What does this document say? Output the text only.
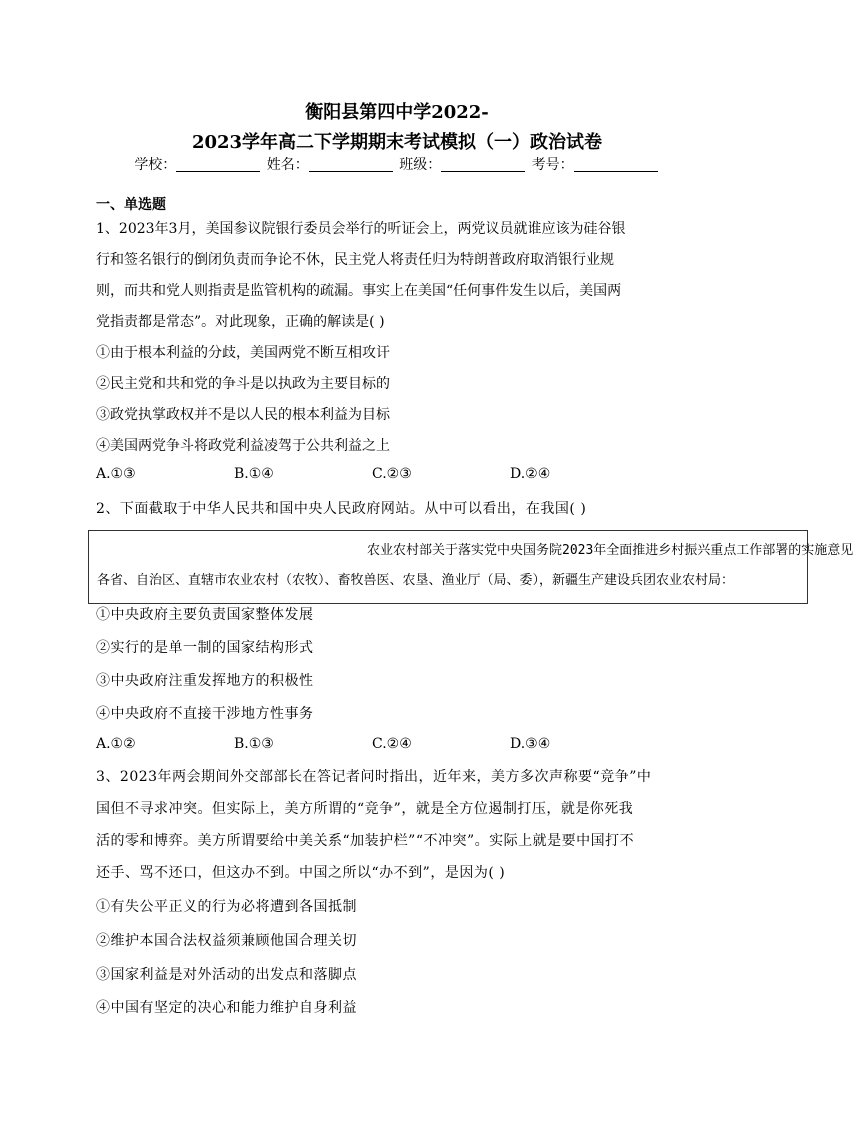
衡阳县第四中学2022-
2023学年高二下学期期末考试模拟（一）政治试卷
学校：	姓名：	班级：	考号：
一、单选题
1、2023年3月，美国参议院银行委员会举行的听证会上，两党议员就谁应该为硅谷银
行和签名银行的倒闭负责而争论不休，民主党人将责任归为特朗普政府取消银行业规
则，而共和党人则指责是监管机构的疏漏。事实上在美国“任何事件发生以后，美国两
党指责都是常态”。对此现象，正确的解读是( )
①由于根本利益的分歧，美国两党不断互相攻讦
②民主党和共和党的争斗是以执政为主要目标的
③政党执掌政权并不是以人民的根本利益为目标
④美国两党争斗将政党利益凌驾于公共利益之上
A.①③	B.①④	C.②③	D.②④
2、下面截取于中华人民共和国中央人民政府网站。从中可以看出，在我国( )
农业农村部关于落实党中央国务院2023年全面推进乡村振兴重点工作部署的实施意见
各省、自治区、直辖市农业农村（农牧）、畜牧兽医、农垦、渔业厅（局、委），新疆生产建设兵团农业农村局：
①中央政府主要负责国家整体发展
②实行的是单一制的国家结构形式
③中央政府注重发挥地方的积极性
④中央政府不直接干涉地方性事务
A.①②	B.①③	C.②④	D.③④
3、2023年两会期间外交部部长在答记者问时指出，近年来，美方多次声称要“竞争”中
国但不寻求冲突。但实际上，美方所谓的“竞争”，就是全方位遏制打压，就是你死我
活的零和博弈。美方所谓要给中美关系“加装护栏”“不冲突”。实际上就是要中国打不
还手、骂不还口，但这办不到。中国之所以“办不到”，是因为( )
①有失公平正义的行为必将遭到各国抵制
②维护本国合法权益须兼顾他国合理关切
③国家利益是对外活动的出发点和落脚点
④中国有坚定的决心和能力维护自身利益
